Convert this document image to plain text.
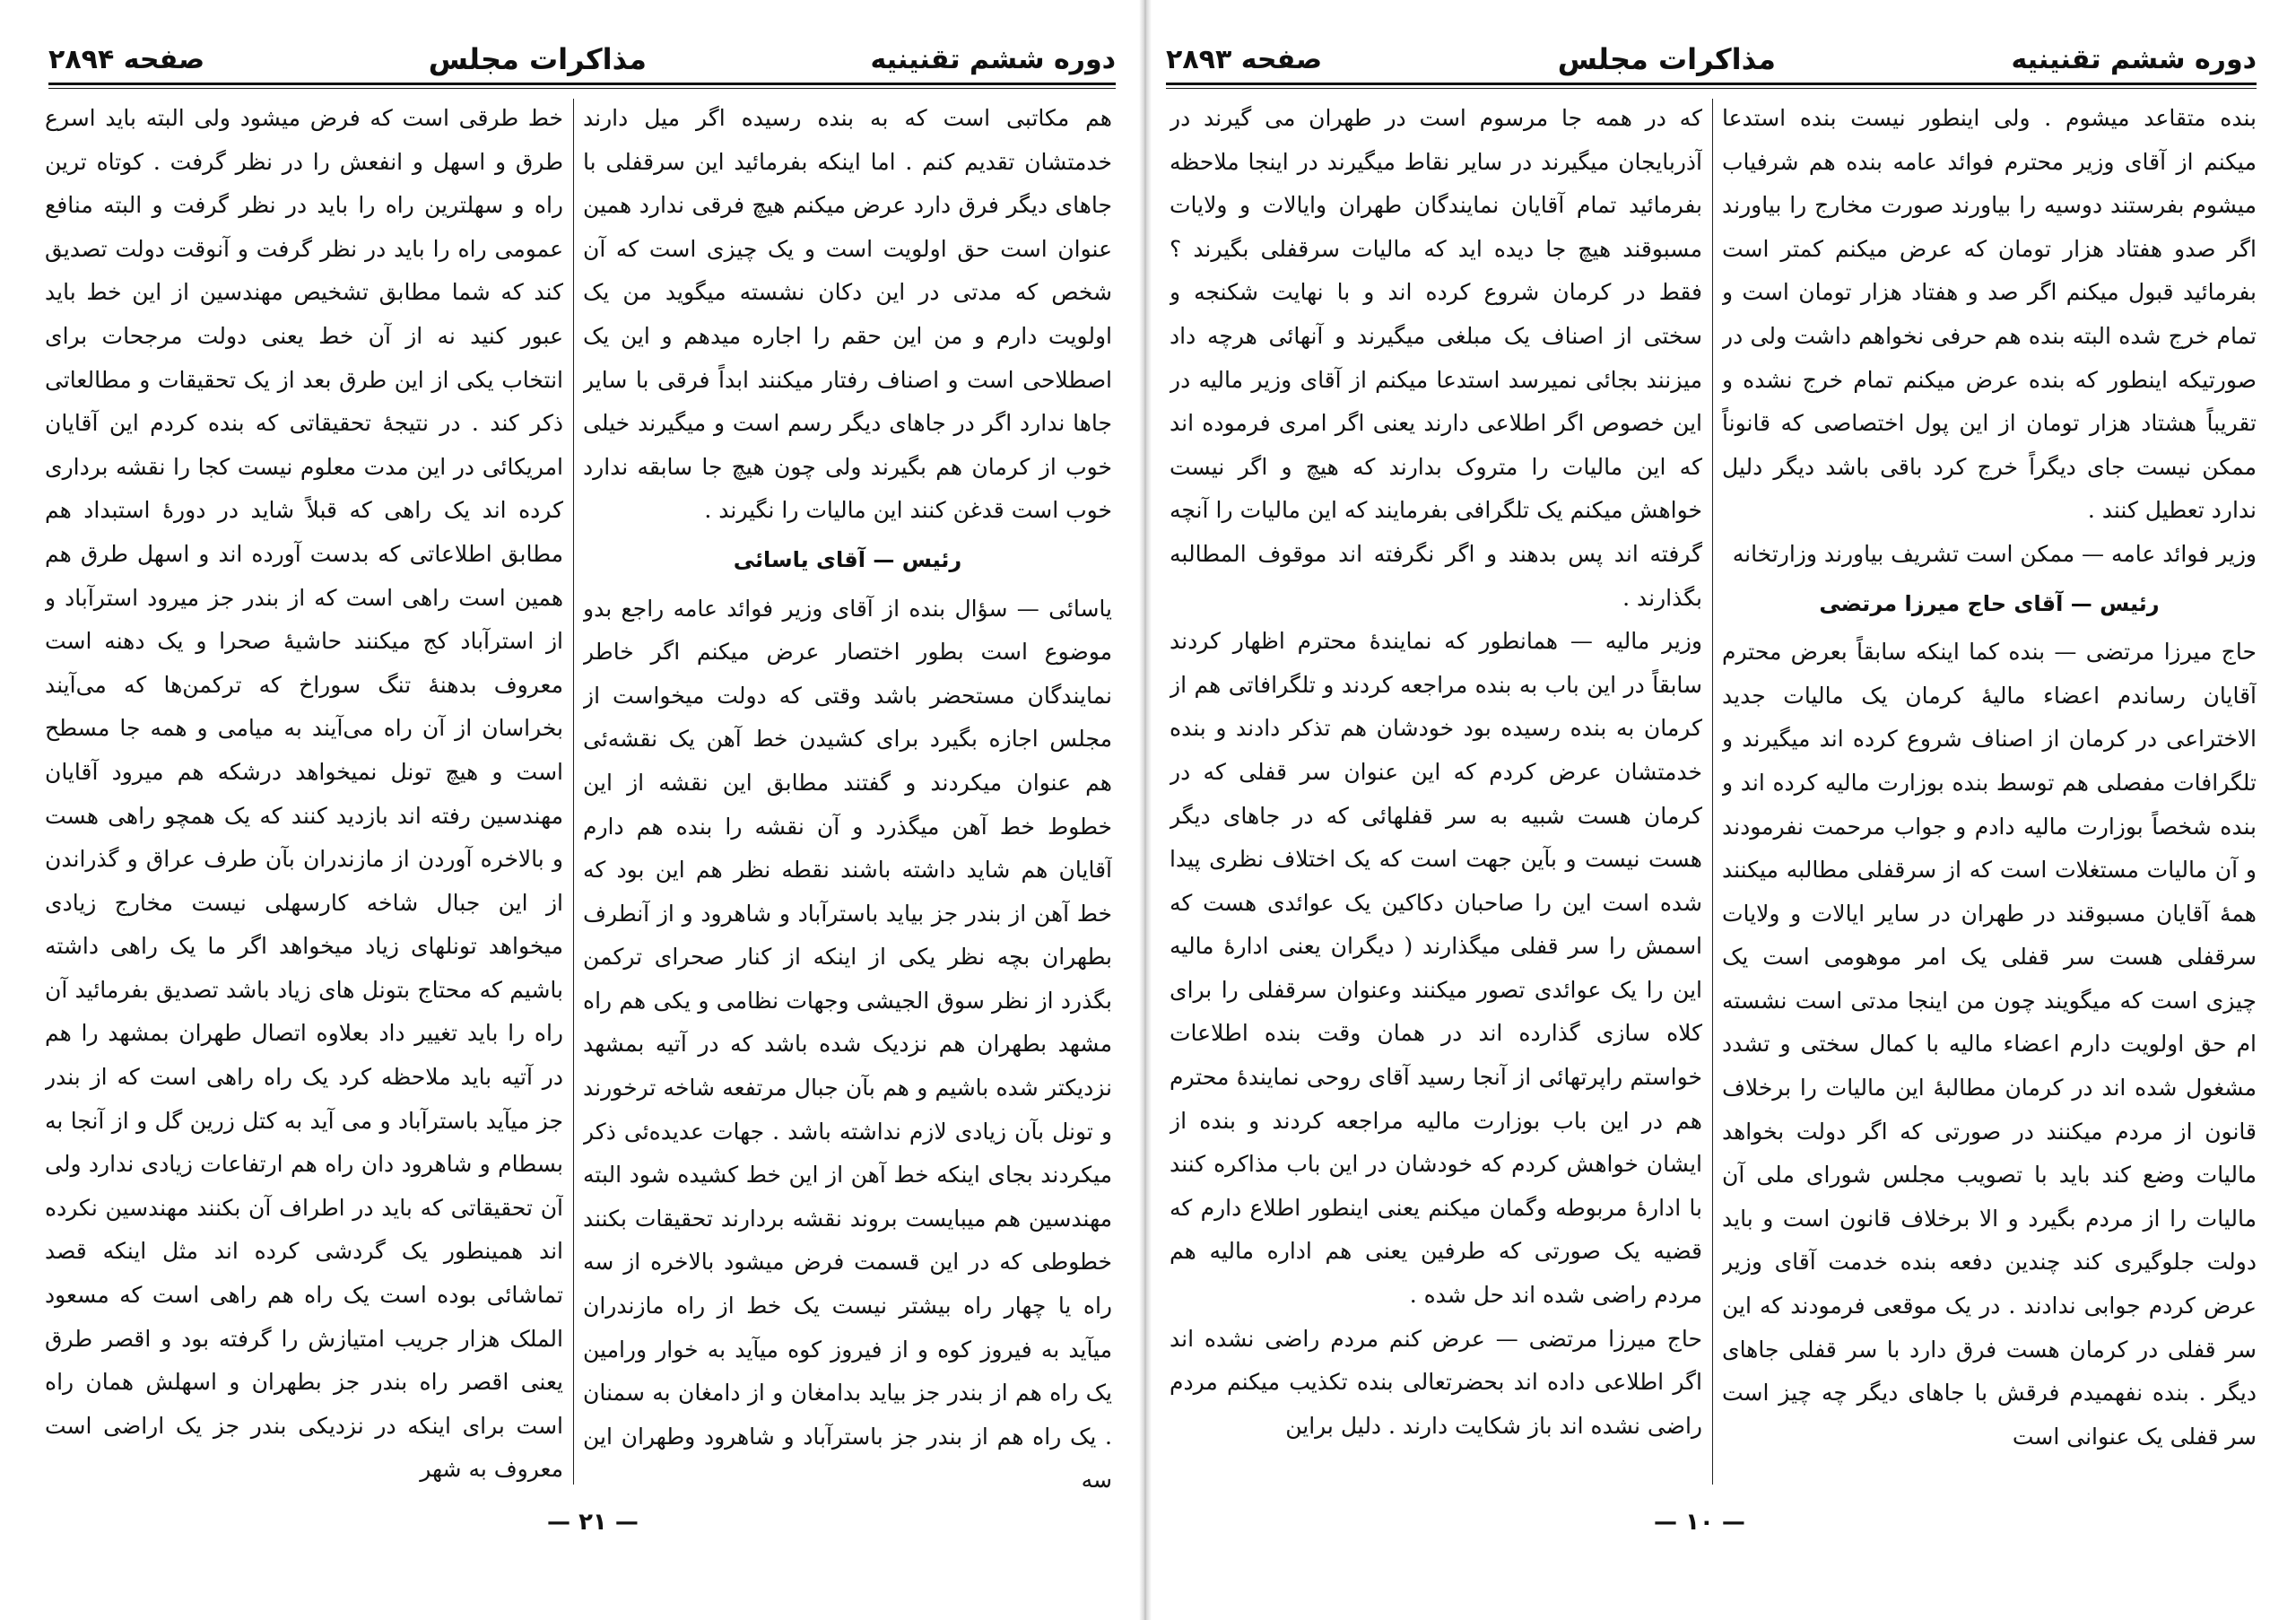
دوره ششم تقنینیه
مذاکرات مجلس
صفحه ۲۸۹۴

هم مکاتبی است که به بنده رسیده اگر میل دارند خدمتشان تقدیم کنم . اما اینکه بفرمائید این سرقفلی با جاهای دیگر فرق دارد عرض میکنم هیچ فرقی ندارد همین عنوان است حق اولویت است و یک چیزی است که آن شخص که مدتی در این دکان نشسته میگوید من یک اولویت دارم و من این حقم را اجاره میدهم و این یک اصطلاحی است و اصناف رفتار میکنند ابداً فرقی با سایر جاها ندارد اگر در جاهای دیگر رسم است و میگیرند خیلی خوب از کرمان هم بگیرند ولی چون هیچ جا سابقه ندارد خوب است قدغن کنند این مالیات را نگیرند .

رئیس — آقای یاسائی

یاسائی — سؤال بنده از آقای وزیر فوائد عامه راجع بدو موضوع است بطور اختصار عرض میکنم اگر خاطر نمایندگان مستحضر باشد وقتی که دولت میخواست از مجلس اجازه بگیرد برای کشیدن خط آهن یک نقشه‌ئی هم عنوان میکردند و گفتند مطابق این نقشه از این خطوط خط آهن میگذرد و آن نقشه را بنده هم دارم آقایان هم شاید داشته باشند نقطه نظر هم این بود که خط آهن از بندر جز بیاید باسترآباد و شاهرود و از آنطرف بطهران بچه نظر یکی از اینکه از کنار صحرای ترکمن بگذرد از نظر سوق الجیشی وجهات نظامی و یکی هم راه مشهد بطهران هم نزدیک شده باشد که در آتیه بمشهد نزدیکتر شده باشیم و هم بآن جبال مرتفعه شاخه ترخورند و تونل بآن زیادی لازم نداشته باشد . جهات عدیده‌ئی ذکر میکردند بجای اینکه خط آهن از این خط کشیده شود البته مهندسین هم میبایست بروند نقشه بردارند تحقیقات بکنند خطوطی که در این قسمت فرض میشود بالاخره از سه راه یا چهار راه بیشتر نیست یک خط از راه مازندران میآید به فیروز کوه و از فیروز کوه میآید به خوار ورامین یک راه هم از بندر جز بیاید بدامغان و از دامغان به سمنان . یک راه هم از بندر جز باسترآباد و شاهرود وطهران این سه

خط طرقی است که فرض میشود ولی البته باید اسرع طرق و اسهل و انفعش را در نظر گرفت . کوتاه ترین راه و سهلترین راه را باید در نظر گرفت و البته منافع عمومی راه را باید در نظر گرفت و آنوقت دولت تصدیق کند که شما مطابق تشخیص مهندسین از این خط باید عبور کنید نه از آن خط یعنی دولت مرجحات برای انتخاب یکی از این طرق بعد از یک تحقیقات و مطالعاتی ذکر کند . در نتیجهٔ تحقیقاتی که بنده کردم این آقایان امریکائی در این مدت معلوم نیست کجا را نقشه برداری کرده اند یک راهی که قبلاً شاید در دورهٔ استبداد هم مطابق اطلاعاتی که بدست آورده اند و اسهل طرق هم همین است راهی است که از بندر جز میرود استرآباد و از استرآباد کج میکنند حاشیهٔ صحرا و یک دهنه است معروف بدهنهٔ تنگ سوراخ که ترکمن‌ها که می‌آیند بخراسان از آن راه می‌آیند به میامی و همه جا مسطح است و هیچ تونل نمیخواهد درشکه هم میرود آقایان مهندسین رفته اند بازدید کنند که یک همچو راهی هست و بالاخره آوردن از مازندران بآن طرف عراق و گذراندن از این جبال شاخه کارسهلی نیست مخارج زیادی میخواهد تونلهای زیاد میخواهد اگر ما یک راهی داشته باشیم که محتاج بتونل های زیاد باشد تصدیق بفرمائید آن راه را باید تغییر داد بعلاوه اتصال طهران بمشهد را هم در آتیه باید ملاحظه کرد یک راه راهی است که از بندر جز میآید باسترآباد و می آید به کتل زرین گل و از آنجا به بسطام و شاهرود دان راه هم ارتفاعات زیادی ندارد ولی آن تحقیقاتی که باید در اطراف آن بکنند مهندسین نکرده اند همینطور یک گردشی کرده اند مثل اینکه قصد تماشائی بوده است یک راه هم راهی است که مسعود الملک هزار جریب امتیازش را گرفته بود و اقصر طرق یعنی اقصر راه بندر جز بطهران و اسهلش همان راه است برای اینکه در نزدیکی بندر جز یک اراضی است معروف به شهر

— ۲۱ —
دوره ششم تقنینیه
مذاکرات مجلس
صفحه ۲۸۹۳

بنده متقاعد میشوم . ولی اینطور نیست بنده استدعا میکنم از آقای وزیر محترم فوائد عامه بنده هم شرفیاب میشوم بفرستند دوسیه را بیاورند صورت مخارج را بیاورند اگر صدو هفتاد هزار تومان که عرض میکنم کمتر است بفرمائید قبول میکنم اگر صد و هفتاد هزار تومان است و تمام خرج شده البته بنده هم حرفی نخواهم داشت ولی در صورتیکه اینطور که بنده عرض میکنم تمام خرج نشده و تقریباً هشتاد هزار تومان از این پول اختصاصی که قانوناً ممکن نیست جای دیگراً خرج کرد باقی باشد دیگر دلیل ندارد تعطیل کنند .

وزیر فوائد عامه — ممکن است تشریف بیاورند وزارتخانه

رئیس — آقای حاج میرزا مرتضی

حاج میرزا مرتضی — بنده کما اینکه سابقاً بعرض محترم آقایان رساندم اعضاء مالیهٔ کرمان یک مالیات جدید الاختراعی در کرمان از اصناف شروع کرده اند میگیرند و تلگرافات مفصلی هم توسط بنده بوزارت مالیه کرده اند و بنده شخصاً بوزارت مالیه دادم و جواب مرحمت نفرمودند و آن مالیات مستغلات است که از سرقفلی مطالبه میکنند همهٔ آقایان مسبوقند در طهران در سایر ایالات و ولایات سرقفلی هست سر قفلی یک امر موهومی است یک چیزی است که میگویند چون من اینجا مدتی است نشسته ام حق اولویت دارم اعضاء مالیه با کمال سختی و تشدد مشغول شده اند در کرمان مطالبهٔ این مالیات را برخلاف قانون از مردم میکنند در صورتی که اگر دولت بخواهد مالیات وضع کند باید با تصویب مجلس شورای ملی آن مالیات را از مردم بگیرد و الا برخلاف قانون است و باید دولت جلوگیری کند چندین دفعه بنده خدمت آقای وزیر عرض کردم جوابی ندادند . در یک موقعی فرمودند که این سر قفلی در کرمان هست فرق دارد با سر قفلی جاهای دیگر . بنده نفهمیدم فرقش با جاهای دیگر چه چیز است سر قفلی یک عنوانی است

که در همه جا مرسوم است در طهران می گیرند در آذربایجان میگیرند در سایر نقاط میگیرند در اینجا ملاحظه بفرمائید تمام آقایان نمایندگان طهران وایالات و ولایات مسبوقند هیچ جا دیده اید که مالیات سرقفلی بگیرند ؟ فقط در کرمان شروع کرده اند و با نهایت شکنجه و سختی از اصناف یک مبلغی میگیرند و آنهائی هرچه داد میزنند بجائی نمیرسد استدعا میکنم از آقای وزیر مالیه در این خصوص اگر اطلاعی دارند یعنی اگر امری فرموده اند که این مالیات را متروک بدارند که هیچ و اگر نیست خواهش میکنم یک تلگرافی بفرمایند که این مالیات را آنچه گرفته اند پس بدهند و اگر نگرفته اند موقوف المطالبه بگذارند .

وزیر مالیه — همانطور که نمایندهٔ محترم اظهار کردند سابقاً در این باب به بنده مراجعه کردند و تلگرافاتی هم از کرمان به بنده رسیده بود خودشان هم تذکر دادند و بنده خدمتشان عرض کردم که این عنوان سر قفلی که در کرمان هست شبیه به سر قفلهائی که در جاهای دیگر هست نیست و بآین جهت است که یک اختلاف نظری پیدا شده است این را صاحبان دکاکین یک عوائدی هست که اسمش را سر قفلی میگذارند ( دیگران یعنی ادارهٔ مالیه این را یک عوائدی تصور میکنند وعنوان سرقفلی را برای کلاه سازی گذارده اند در همان وقت بنده اطلاعات خواستم راپرتهائی از آنجا رسید آقای روحی نمایندهٔ محترم هم در این باب بوزارت مالیه مراجعه کردند و بنده از ایشان خواهش کردم که خودشان در این باب مذاکره کنند با ادارهٔ مربوطه وگمان میکنم یعنی اینطور اطلاع دارم که قضیه یک صورتی که طرفین یعنی هم اداره مالیه هم مردم راضی شده اند حل شده .

حاج میرزا مرتضی — عرض کنم مردم راضی نشده اند اگر اطلاعی داده اند بحضرتعالی بنده تکذیب میکنم مردم راضی نشده اند باز شکایت دارند . دلیل براین

— ۱۰ —
